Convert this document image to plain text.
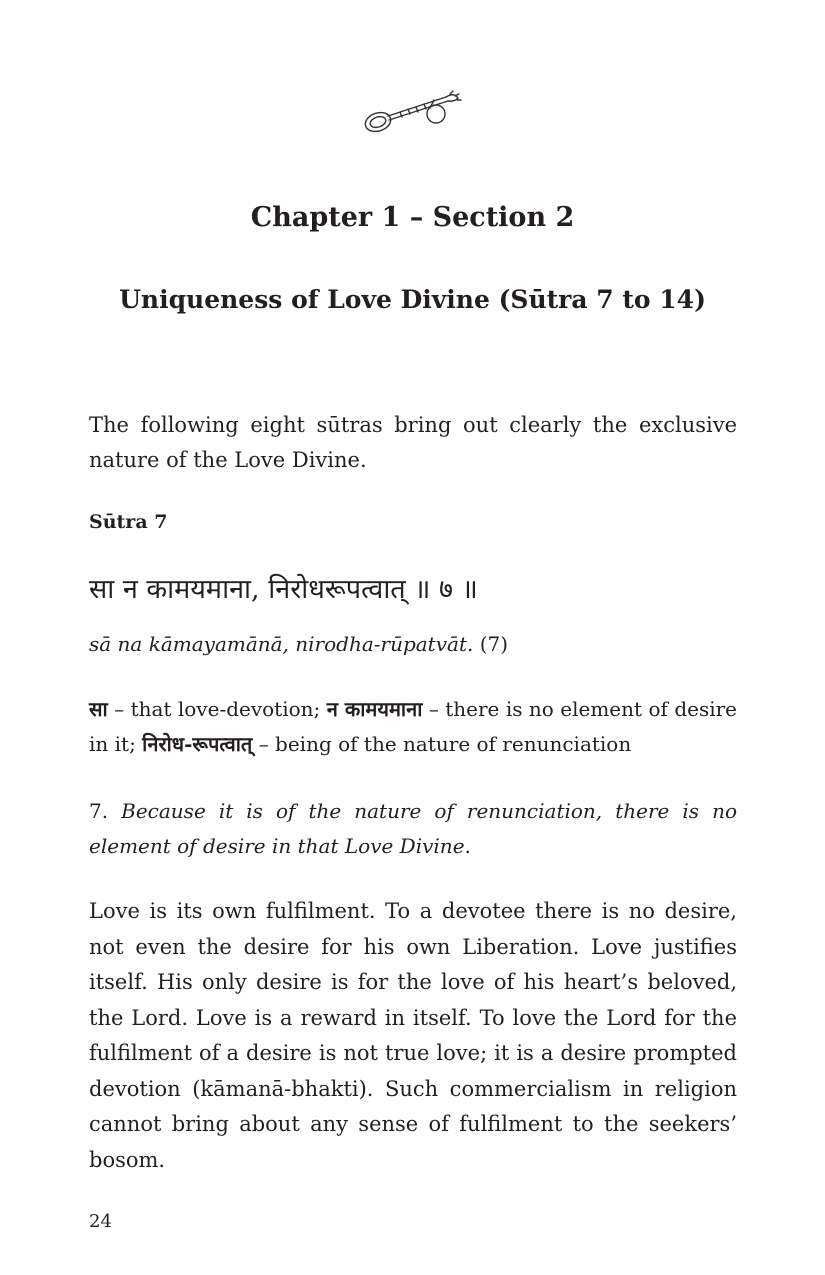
Chapter 1 – Section 2
Uniqueness of Love Divine (Sūtra 7 to 14)
The following eight sūtras bring out clearly the exclusive nature of the Love Divine.
Sūtra 7
सा न कामयमाना, निरोधरूपत्वात् ॥ ७ ॥
sā na kāmayamānā, nirodha-rūpatvāt. (7)
सा – that love-devotion; न कामयमाना – there is no element of desire in it; निरोध-रूपत्वात् – being of the nature of renunciation
7. Because it is of the nature of renunciation, there is no element of desire in that Love Divine.
Love is its own fulfilment. To a devotee there is no desire, not even the desire for his own Liberation. Love justifies itself. His only desire is for the love of his heart’s beloved, the Lord. Love is a reward in itself. To love the Lord for the fulfilment of a desire is not true love; it is a desire prompted devotion (kāmanā-bhakti). Such commercialism in religion cannot bring about any sense of fulfilment to the seekers’ bosom.
24
